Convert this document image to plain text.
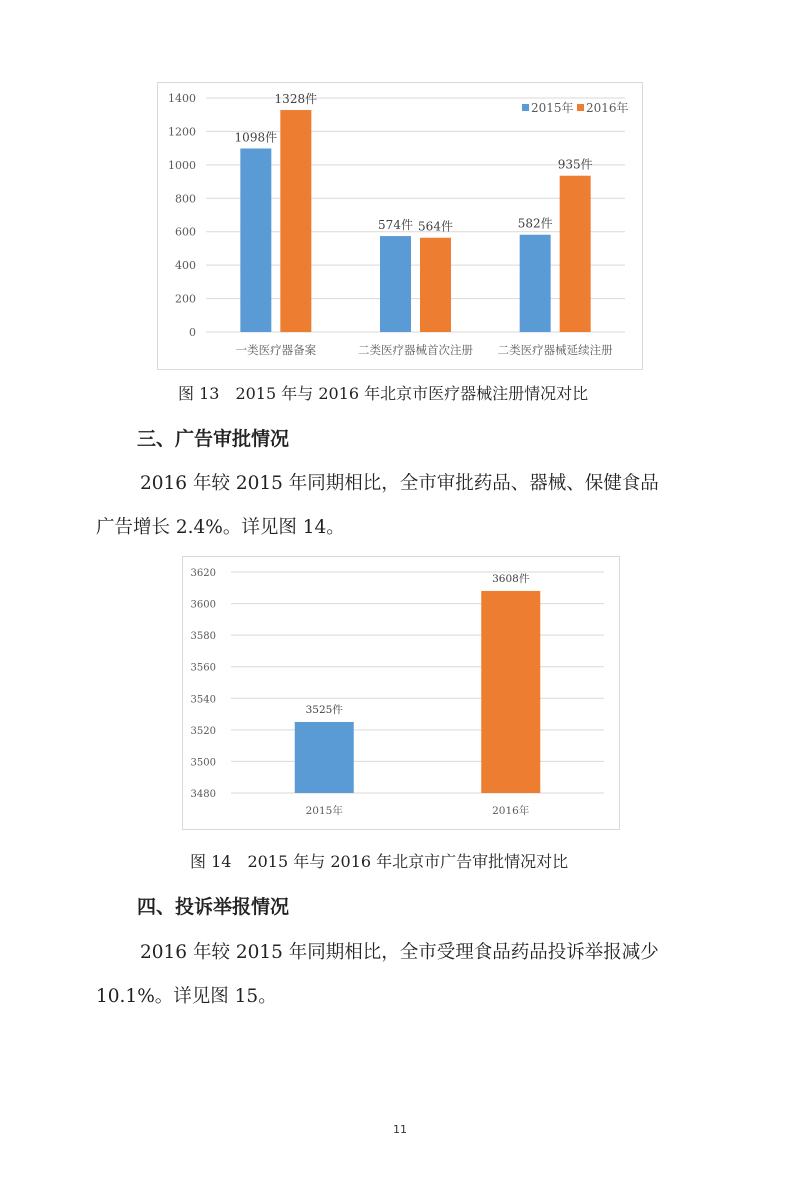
0
200
400
600
800
1000
1200
1400
1098件
1328件
一类医疗器备案
574件 564件
二类医疗器械首次注册
582件
935件
二类医疗器械延续注册
2015年 2016年
图 13　2015 年与 2016 年北京市医疗器械注册情况对比
三、广告审批情况
2016 年较 2015 年同期相比，全市审批药品、器械、保健食品
广告增长 2.4%。详见图 14。
3480
3500
3520
3540
3560
3580
3600
3620
3525件
2015年
3608件
2016年
图 14　2015 年与 2016 年北京市广告审批情况对比
四、投诉举报情况
2016 年较 2015 年同期相比，全市受理食品药品投诉举报减少
10.1%。详见图 15。
11
